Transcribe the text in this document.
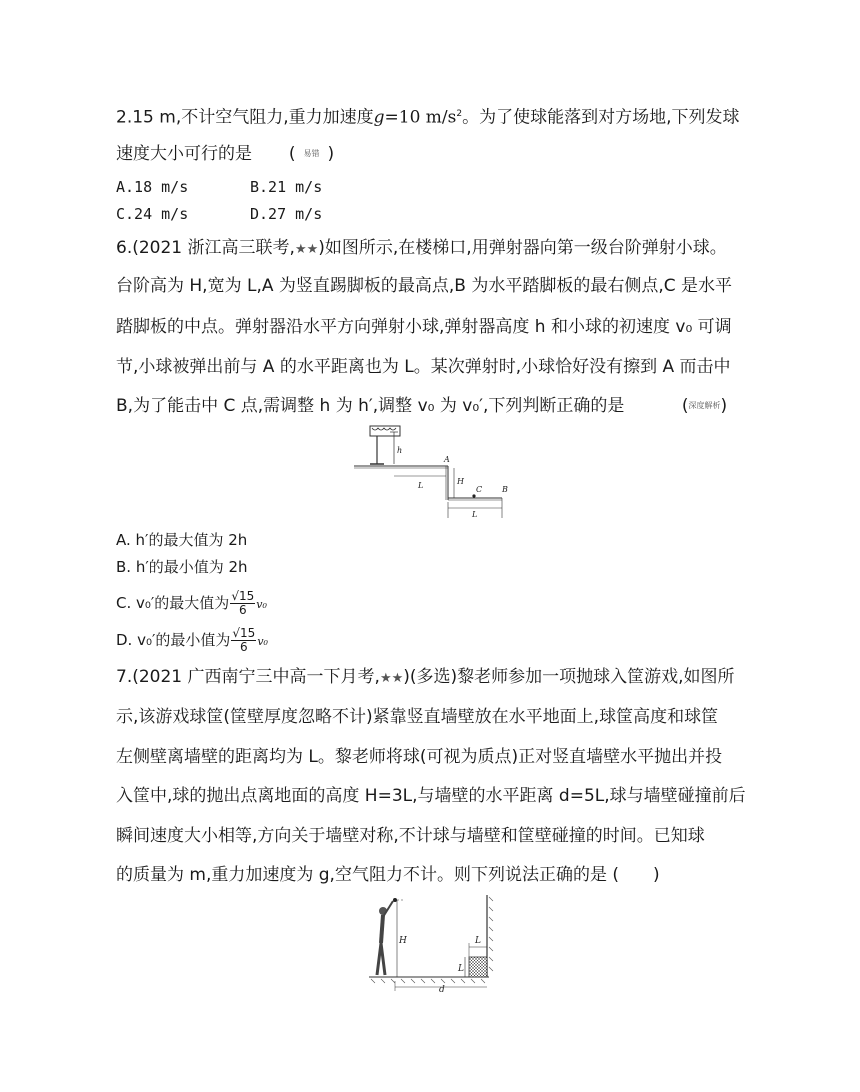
2.15 m,不计空气阻力,重力加速度g=10 $m/s^2$。为了使球能落到对方场地,下列发球
速度大小可行的是 ( 易错 )
A.18 m/s	B.21 m/s
C.24 m/s	D.27 m/s
6.(2021 浙江高三联考,★★)如图所示,在楼梯口,用弹射器向第一级台阶弹射小球。
台阶高为 H,宽为 L,A 为竖直踢脚板的最高点,B 为水平踏脚板的最右侧点,C 是水平
踏脚板的中点。弹射器沿水平方向弹射小球,弹射器高度 h 和小球的初速度 v₀ 可调
节,小球被弹出前与 A 的水平距离也为 L。某次弹射时,小球恰好没有擦到 A 而击中
B,为了能击中 C 点,需调整 h 为 h′,调整 v₀ 为 v₀′,下列判断正确的是	(深度解析)
h
A
H
C B
L
L
A. h′的最大值为 2h
B. h′的最小值为 2h
C. v₀′的最大值为 $\frac{√15}{6} v_0$
D. v₀′的最小值为 $\frac{√15}{6} v_0$
7.(2021 广西南宁三中高一下月考,★★)(多选)黎老师参加一项抛球入筐游戏,如图所
示,该游戏球筐(筐壁厚度忽略不计)紧靠竖直墙壁放在水平地面上,球筐高度和球筐
左侧壁离墙壁的距离均为 L。黎老师将球(可视为质点)正对竖直墙壁水平抛出并投
入筐中,球的抛出点离地面的高度 H=3L,与墙壁的水平距离 d=5L,球与墙壁碰撞前后
瞬间速度大小相等,方向关于墙壁对称,不计球与墙壁和筐壁碰撞的时间。已知球
的质量为 m,重力加速度为 g,空气阻力不计。则下列说法正确的是 (　　)
H	L
L
d
